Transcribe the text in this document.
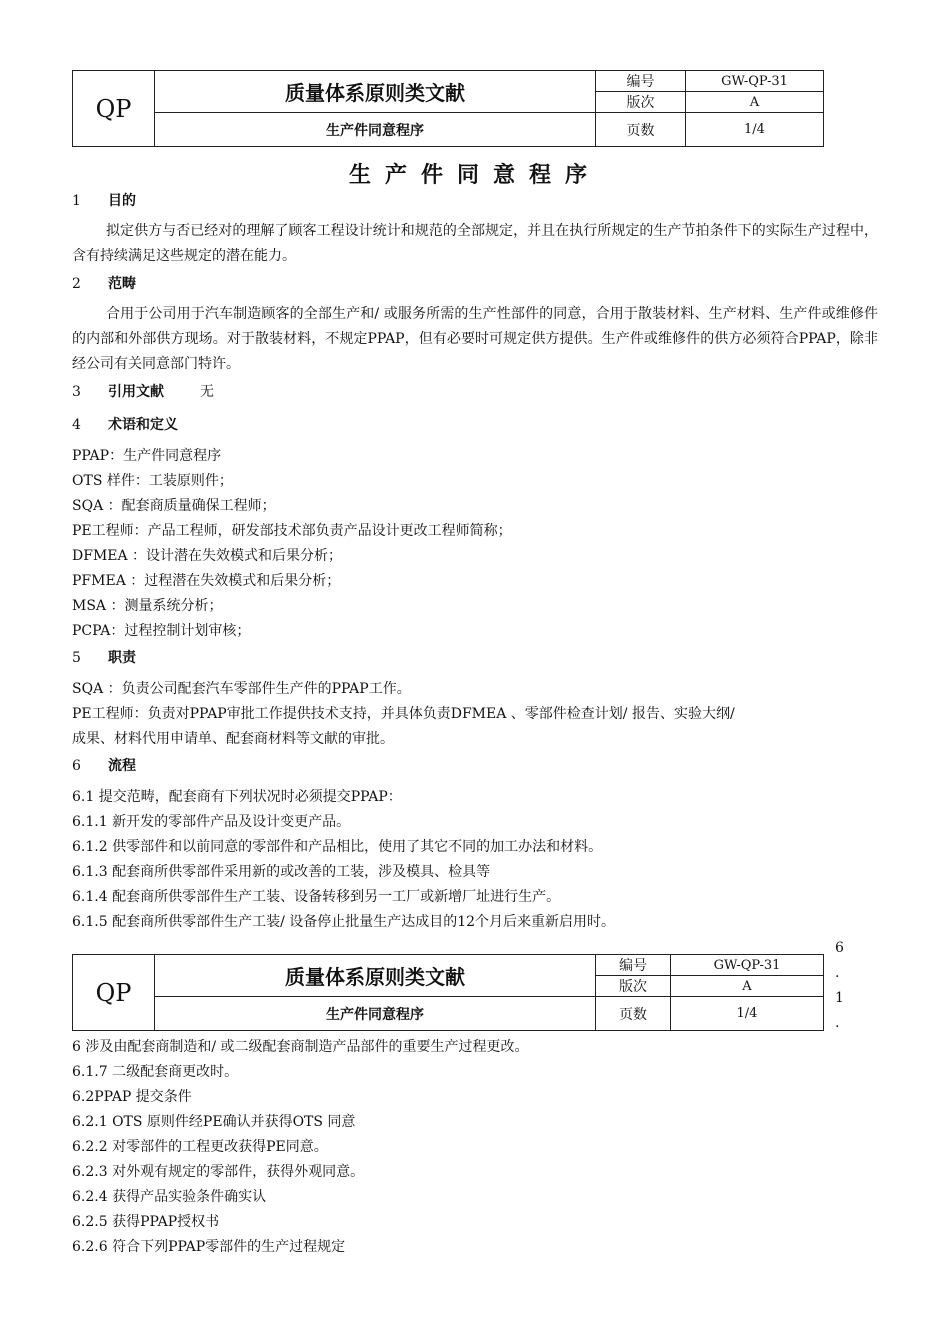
QP	质量体系原则类文献	编号	GW-QP-31
		版次	A
	生产件同意程序	页数	1/4
生产件同意程序
1 目的
拟定供方与否已经对的理解了顾客工程设计统计和规范的全部规定，并且在执行所规定的生产节拍条件下的实际生产过程中，含有持续满足这些规定的潜在能力。
2 范畴
合用于公司用于汽车制造顾客的全部生产和/ 或服务所需的生产性部件的同意，合用于散装材料、生产材料、生产件或维修件的内部和外部供方现场。对于散装材料，不规定PPAP，但有必要时可规定供方提供。生产件或维修件的供方必须符合PPAP，除非经公司有关同意部门特许。
3 引用文献	无
4 术语和定义
PPAP：生产件同意程序
OTS 样件：工装原则件；
SQA ：配套商质量确保工程师；
PE工程师：产品工程师，研发部技术部负责产品设计更改工程师简称；
DFMEA ：设计潜在失效模式和后果分析；
PFMEA ：过程潜在失效模式和后果分析；
MSA ：测量系统分析；
PCPA：过程控制计划审核；
5 职责
SQA ：负责公司配套汽车零部件生产件的PPAP工作。
PE工程师：负责对PPAP审批工作提供技术支持，并具体负责DFMEA 、零部件检查计划/ 报告、实验大纲/
成果、材料代用申请单、配套商材料等文献的审批。
6 流程
6.1 提交范畴，配套商有下列状况时必须提交PPAP：
6.1.1 新开发的零部件产品及设计变更产品。
6.1.2 供零部件和以前同意的零部件和产品相比，使用了其它不同的加工办法和材料。
6.1.3 配套商所供零部件采用新的或改善的工装，涉及模具、检具等
6.1.4 配套商所供零部件生产工装、设备转移到另一工厂或新增厂址进行生产。
6.1.5 配套商所供零部件生产工装/ 设备停止批量生产达成目的12个月后来重新启用时。
6
.
1
.
QP	质量体系原则类文献	编号	GW-QP-31
		版次	A
	生产件同意程序	页数	1/4
6 涉及由配套商制造和/ 或二级配套商制造产品部件的重要生产过程更改。
6.1.7 二级配套商更改时。
6.2PPAP 提交条件
6.2.1 OTS 原则件经PE确认并获得OTS 同意
6.2.2 对零部件的工程更改获得PE同意。
6.2.3 对外观有规定的零部件，获得外观同意。
6.2.4 获得产品实验条件确实认
6.2.5 获得PPAP授权书
6.2.6 符合下列PPAP零部件的生产过程规定
